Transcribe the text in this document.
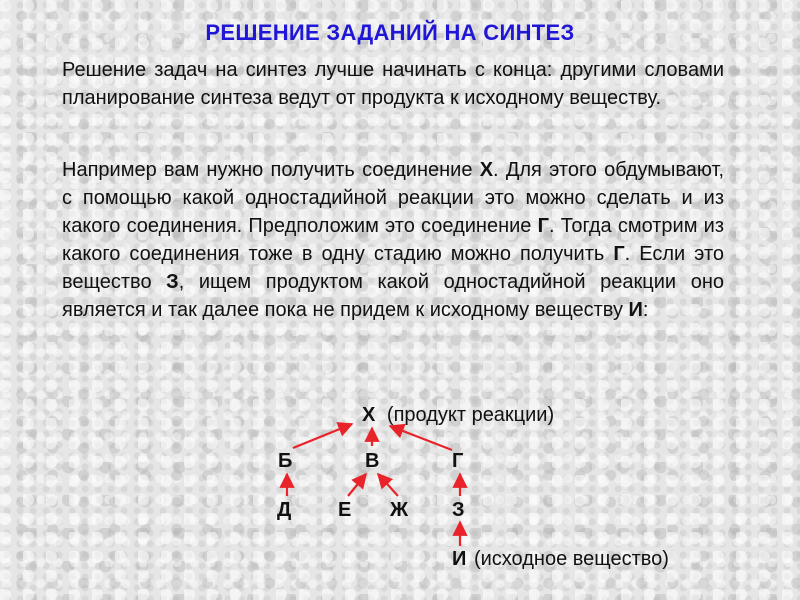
РЕШЕНИЕ ЗАДАНИЙ НА СИНТЕЗ

Решение задач на синтез лучше начинать с конца: другими словами планирование синтеза ведут от продукта к исходному веществу.

Например вам нужно получить соединение Х. Для этого обдумывают, с помощью какой одностадийной реакции это можно сделать и из какого соединения. Предположим это соединение Г. Тогда смотрим из какого соединения тоже в одну стадию можно получить Г. Если это вещество З, ищем продуктом какой одностадийной реакции оно является и так далее пока не придем к исходному веществу И:

Х (продукт реакции)
Б	В	Г
Д Е Ж З
И (исходное вещество)
